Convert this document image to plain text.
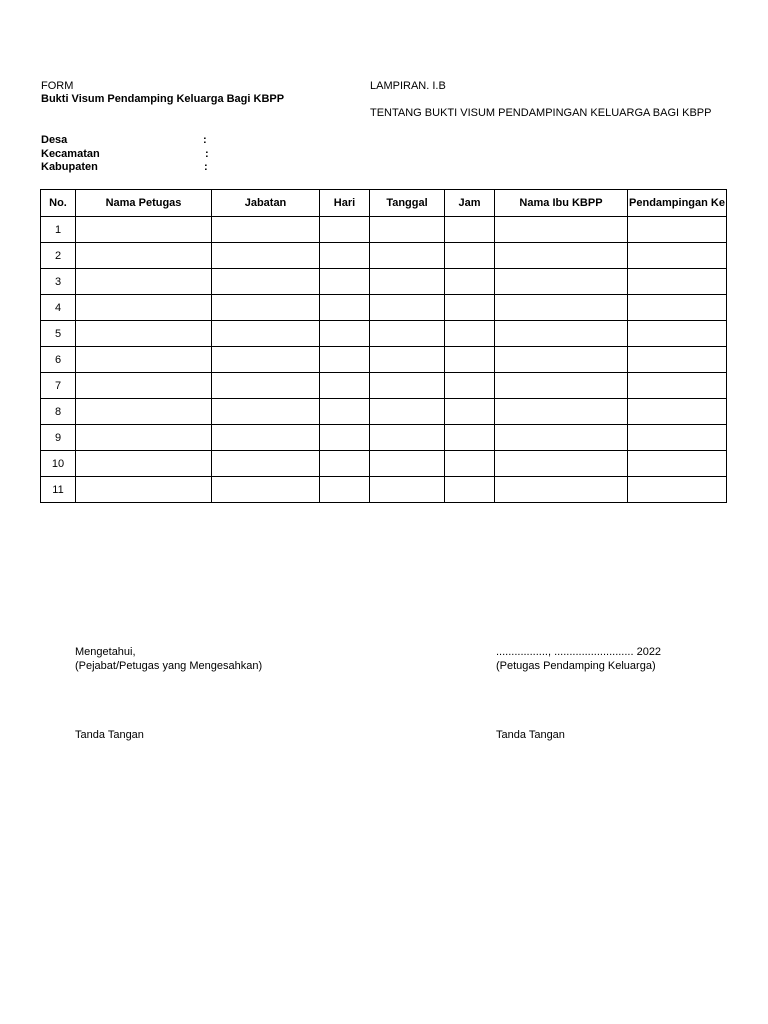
FORM
Bukti Visum Pendamping Keluarga Bagi KBPP
LAMPIRAN. I.B
TENTANG BUKTI VISUM PENDAMPINGAN KELUARGA BAGI KBPP
Desa	:
Kecamatan	:
Kabupaten	:
No.	Nama Petugas	Jabatan	Hari	Tanggal	Jam	Nama Ibu KBPP	Pendampingan Ke
1							
2							
3							
4							
5							
6							
7							
8							
9							
10							
11							
Mengetahui,
(Pejabat/Petugas yang Mengesahkan)
Tanda Tangan
................., .......................... 2022
(Petugas Pendamping Keluarga)
Tanda Tangan
